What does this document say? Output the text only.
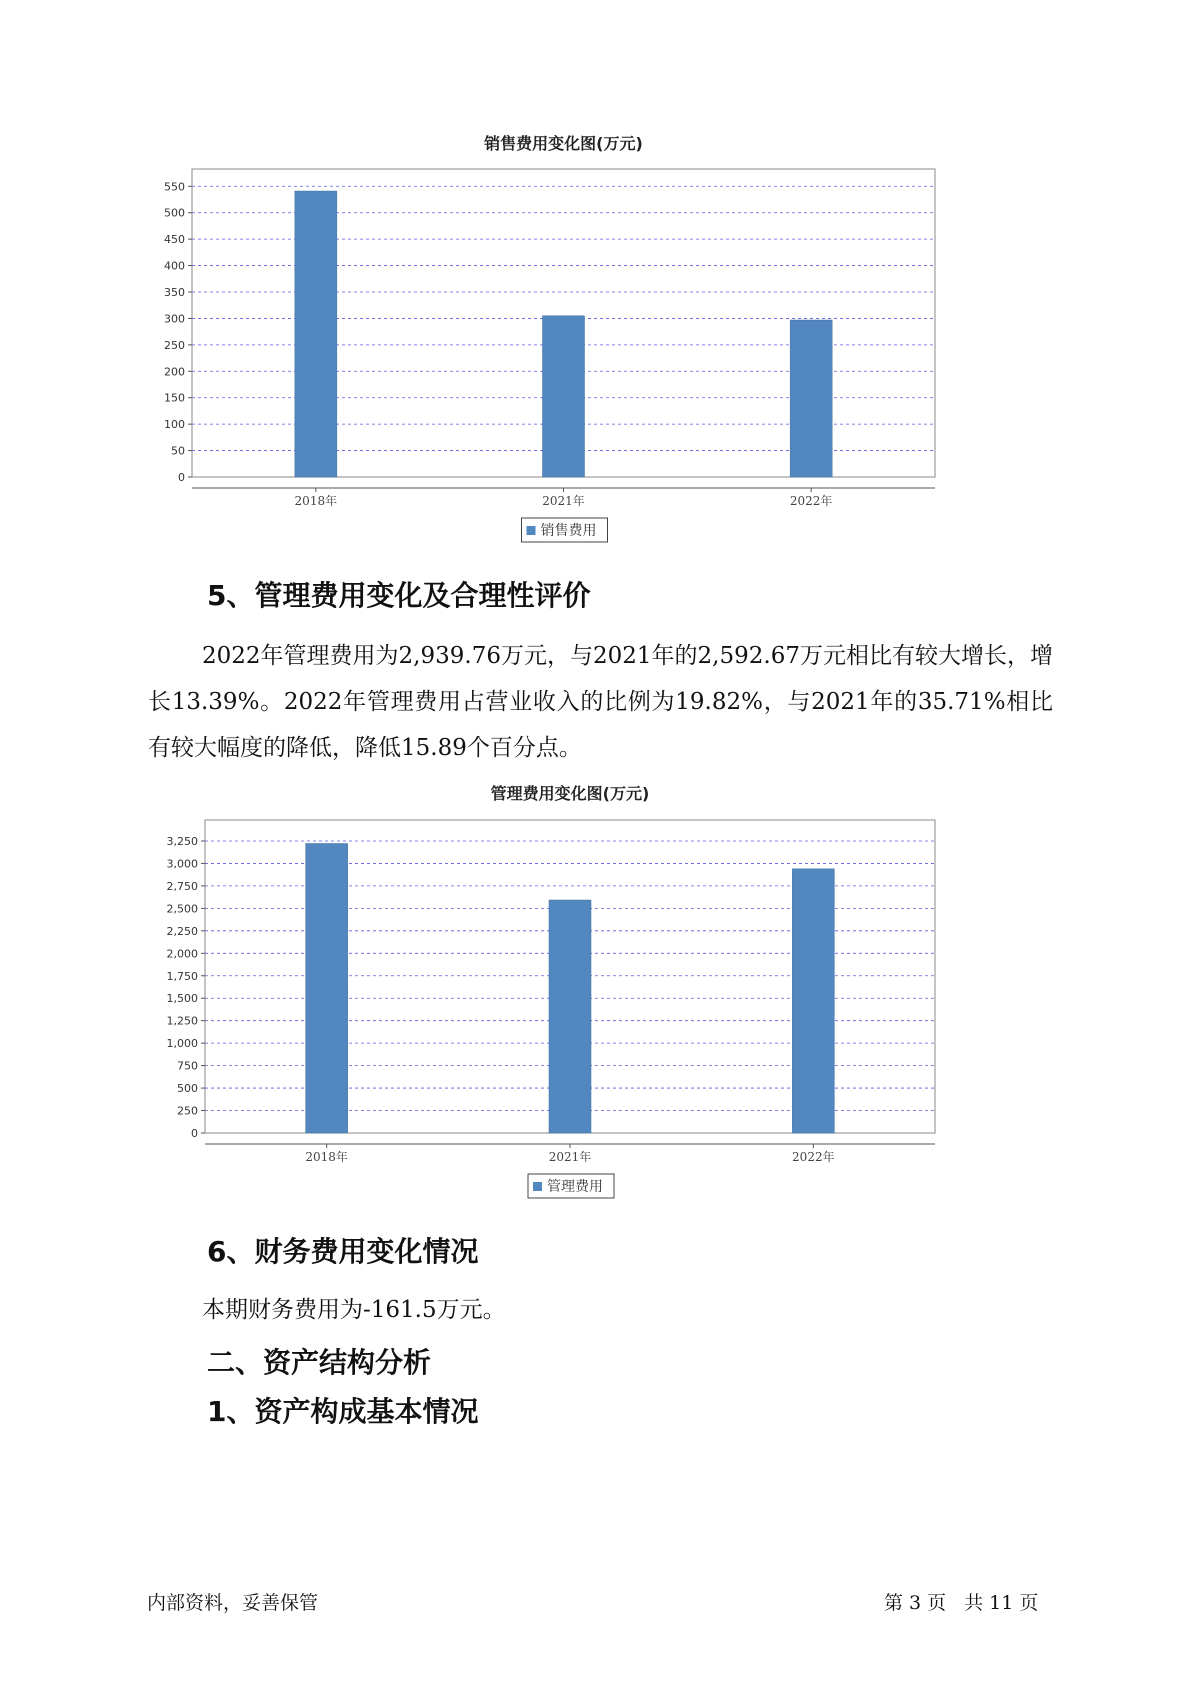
销售费用变化图(万元)
0
50
100
150
200
250
300
350
400
450
500
550
2018年	2021年	2022年
销售费用
5、管理费用变化及合理性评价

2022年管理费用为2,939.76万元，与2021年的2,592.67万元相比有较大增长，增长13.39%。2022年管理费用占营业收入的比例为19.82%，与2021年的35.71%相比有较大幅度的降低，降低15.89个百分点。

管理费用变化图(万元)
0
250
500
750
1,000
1,250
1,500
1,750
2,000
2,250
2,500
2,750
3,000
3,250
2018年	2021年	2022年
管理费用
6、财务费用变化情况

本期财务费用为-161.5万元。

二、资产结构分析
1、资产构成基本情况
内部资料，妥善保管	第 3 页 共 11 页
